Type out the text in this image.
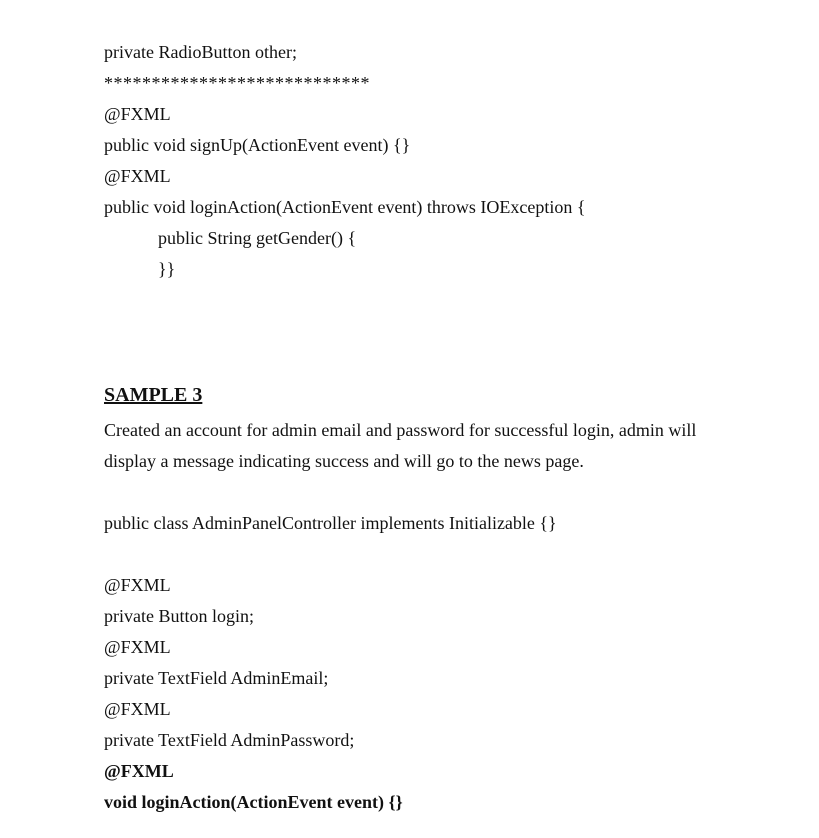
private RadioButton other;
****************************
@FXML
public void signUp(ActionEvent event) {}
@FXML
public void loginAction(ActionEvent event) throws IOException {
public String getGender() {
}}
SAMPLE 3
Created an account for admin email and password for successful login, admin will
display a message indicating success and will go to the news page.
public class AdminPanelController implements Initializable {}
@FXML
private Button login;
@FXML
private TextField AdminEmail;
@FXML
private TextField AdminPassword;
@FXML
void loginAction(ActionEvent event) {}
